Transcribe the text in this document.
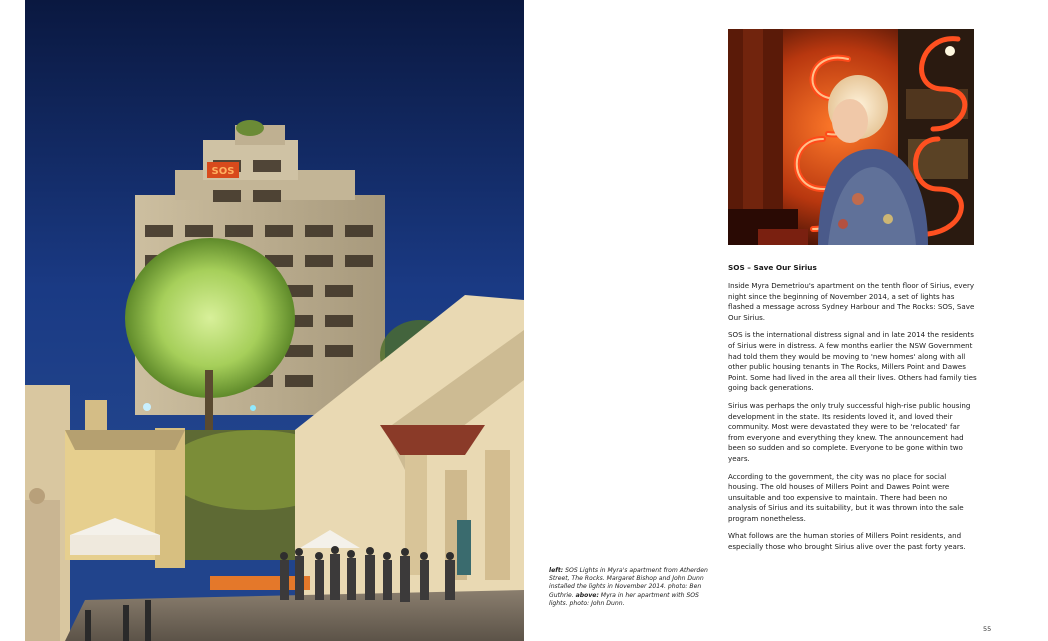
SOS
left: SOS Lights in Myra's apartment from Atherden Street, The Rocks. Margaret Bishop and John Dunn installed the lights in November 2014. photo: Ben Guthrie. above: Myra in her apartment with SOS lights. photo: John Dunn.
SOS – Save Our Sirius

Inside Myra Demetriou's apartment on the tenth floor of Sirius, every night since the beginning of November 2014, a set of lights has flashed a message across Sydney Harbour and The Rocks: SOS, Save Our Sirius.

SOS is the international distress signal and in late 2014 the residents of Sirius were in distress. A few months earlier the NSW Government had told them they would be moving to 'new homes' along with all other public housing tenants in The Rocks, Millers Point and Dawes Point. Some had lived in the area all their lives. Others had family ties going back generations.

Sirius was perhaps the only truly successful high-rise public housing development in the state. Its residents loved it, and loved their community. Most were devastated they were to be 'relocated' far from everyone and everything they knew. The announcement had been so sudden and so complete. Everyone to be gone within two years.

According to the government, the city was no place for social housing. The old houses of Millers Point and Dawes Point were unsuitable and too expensive to maintain. There had been no analysis of Sirius and its suitability, but it was thrown into the sale program nonetheless.

What follows are the human stories of Millers Point residents, and especially those who brought Sirius alive over the past forty years.

55
